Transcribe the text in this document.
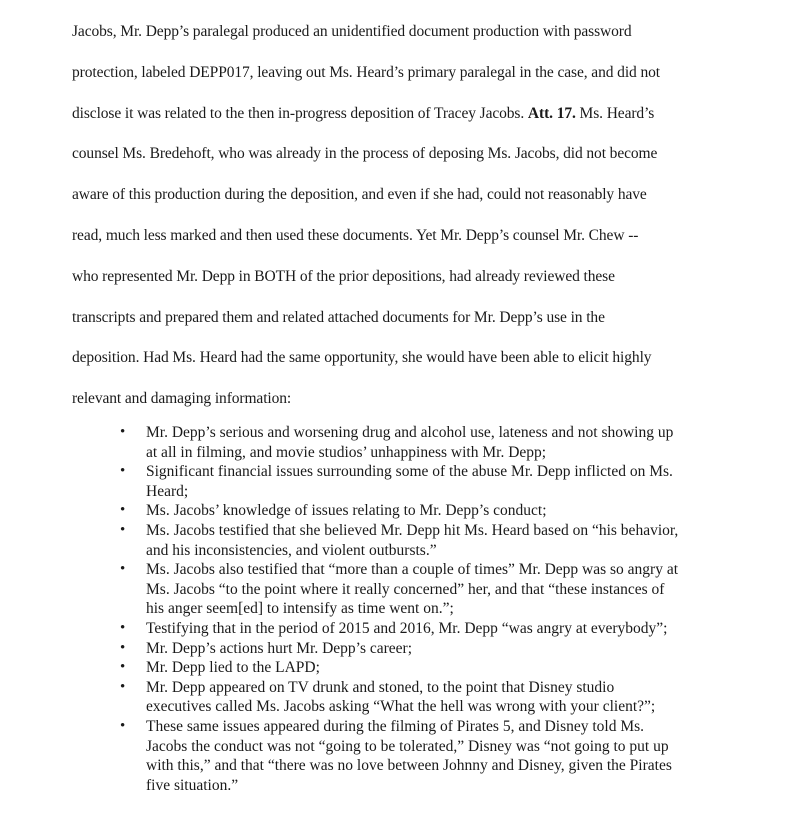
Jacobs, Mr. Depp’s paralegal produced an unidentified document production with password
protection, labeled DEPP017, leaving out Ms. Heard’s primary paralegal in the case, and did not
disclose it was related to the then in-progress deposition of Tracey Jacobs. Att. 17. Ms. Heard’s
counsel Ms. Bredehoft, who was already in the process of deposing Ms. Jacobs, did not become
aware of this production during the deposition, and even if she had, could not reasonably have
read, much less marked and then used these documents. Yet Mr. Depp’s counsel Mr. Chew --
who represented Mr. Depp in BOTH of the prior depositions, had already reviewed these
transcripts and prepared them and related attached documents for Mr. Depp’s use in the
deposition. Had Ms. Heard had the same opportunity, she would have been able to elicit highly
relevant and damaging information:
• Mr. Depp’s serious and worsening drug and alcohol use, lateness and not showing up
at all in filming, and movie studios’ unhappiness with Mr. Depp;
• Significant financial issues surrounding some of the abuse Mr. Depp inflicted on Ms.
Heard;
• Ms. Jacobs’ knowledge of issues relating to Mr. Depp’s conduct;
• Ms. Jacobs testified that she believed Mr. Depp hit Ms. Heard based on “his behavior,
and his inconsistencies, and violent outbursts.”
• Ms. Jacobs also testified that “more than a couple of times” Mr. Depp was so angry at
Ms. Jacobs “to the point where it really concerned” her, and that “these instances of
his anger seem[ed] to intensify as time went on.”;
• Testifying that in the period of 2015 and 2016, Mr. Depp “was angry at everybody”;
• Mr. Depp’s actions hurt Mr. Depp’s career;
• Mr. Depp lied to the LAPD;
• Mr. Depp appeared on TV drunk and stoned, to the point that Disney studio
executives called Ms. Jacobs asking “What the hell was wrong with your client?”;
• These same issues appeared during the filming of Pirates 5, and Disney told Ms.
Jacobs the conduct was not “going to be tolerated,” Disney was “not going to put up
with this,” and that “there was no love between Johnny and Disney, given the Pirates
five situation.”
